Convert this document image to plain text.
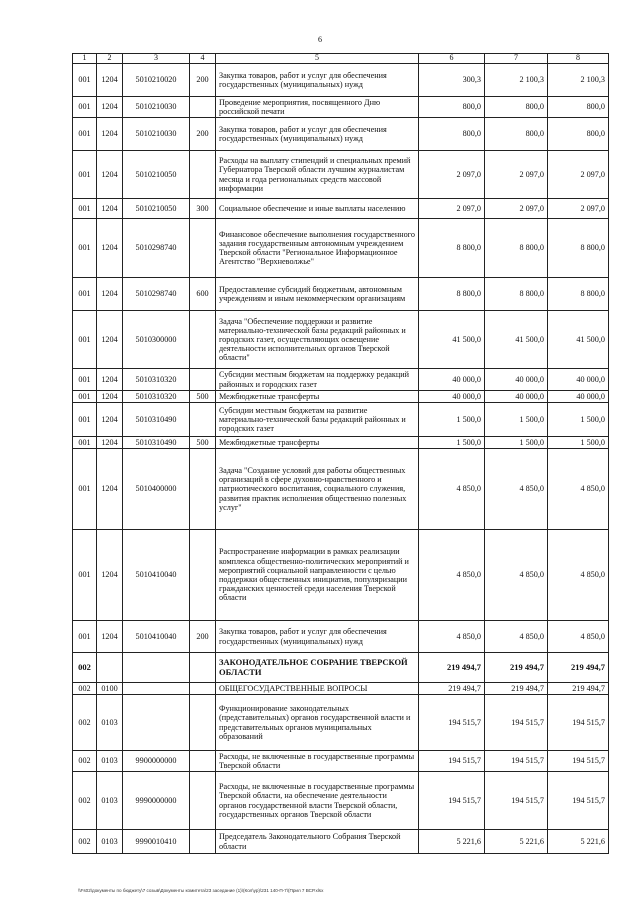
6
1	2	3	4	5	6	7	8
001	1204	5010210020	200	Закупка товаров, работ и услуг для обеспечения государственных (муниципальных) нужд	300,3	2 100,3	2 100,3
001	1204	5010210030		Проведение мероприятия, посвященного Дню российской печати	800,0	800,0	800,0
001	1204	5010210030	200	Закупка товаров, работ и услуг для обеспечения государственных (муниципальных) нужд	800,0	800,0	800,0
001	1204	5010210050		Расходы на выплату стипендий и специальных премий Губернатора Тверской области лучшим журналистам месяца и года региональных средств массовой информации	2 097,0	2 097,0	2 097,0
001	1204	5010210050	300	Социальное обеспечение и иные выплаты населению	2 097,0	2 097,0	2 097,0
001	1204	5010298740		Финансовое обеспечение выполнения государственного задания государственным автономным учреждением Тверской области "Региональное Информационное Агентство "Верхневолжье"	8 800,0	8 800,0	8 800,0
001	1204	5010298740	600	Предоставление субсидий бюджетным, автономным учреждениям и иным некоммерческим организациям	8 800,0	8 800,0	8 800,0
001	1204	5010300000		Задача "Обеспечение поддержки и развитие материально-технической базы редакций районных и городских газет, осуществляющих освещение деятельности исполнительных органов Тверской области"	41 500,0	41 500,0	41 500,0
001	1204	5010310320		Субсидии местным бюджетам на поддержку редакций районных и городских газет	40 000,0	40 000,0	40 000,0
001	1204	5010310320	500	Межбюджетные трансферты	40 000,0	40 000,0	40 000,0
001	1204	5010310490		Субсидии местным бюджетам на развитие материально-технической базы редакций районных и городских газет	1 500,0	1 500,0	1 500,0
001	1204	5010310490	500	Межбюджетные трансферты	1 500,0	1 500,0	1 500,0
001	1204	5010400000		Задача "Создание условий для работы общественных организаций в сфере духовно-нравственного и патриотического воспитания, социального служения, развития практик исполнения общественно полезных услуг"	4 850,0	4 850,0	4 850,0
001	1204	5010410040		Распространение информации в рамках реализации комплекса общественно-политических мероприятий и мероприятий социальной направленности с целью поддержки общественных инициатив, популяризации гражданских ценностей среди населения Тверской области	4 850,0	4 850,0	4 850,0
001	1204	5010410040	200	Закупка товаров, работ и услуг для обеспечения государственных (муниципальных) нужд	4 850,0	4 850,0	4 850,0
002				ЗАКОНОДАТЕЛЬНОЕ СОБРАНИЕ ТВЕРСКОЙ ОБЛАСТИ	219 494,7	219 494,7	219 494,7
002	0100			ОБЩЕГОСУДАРСТВЕННЫЕ ВОПРОСЫ	219 494,7	219 494,7	219 494,7
002	0103			Функционирование законодательных (представительных) органов государственной власти и представительных органов муниципальных образований	194 515,7	194 515,7	194 515,7
002	0103	9900000000		Расходы, не включенные в государственные программы Тверской области	194 515,7	194 515,7	194 515,7
002	0103	9990000000		Расходы, не включенные в государственные программы Тверской области, на обеспечение деятельности органов государственной власти Тверской области, государственных органов Тверской области	194 515,7	194 515,7	194 515,7
002	0103	9990010410		Председатель Законодательного Собрания Тверской области	5 221,6	5 221,6	5 221,6
\\Fs02\документы по бюджету\7 созыв\Документы комитета\23 заседание (1)\(Кол\ур)\231 140-П-7\(Прил 7 ВСР.xlsx
